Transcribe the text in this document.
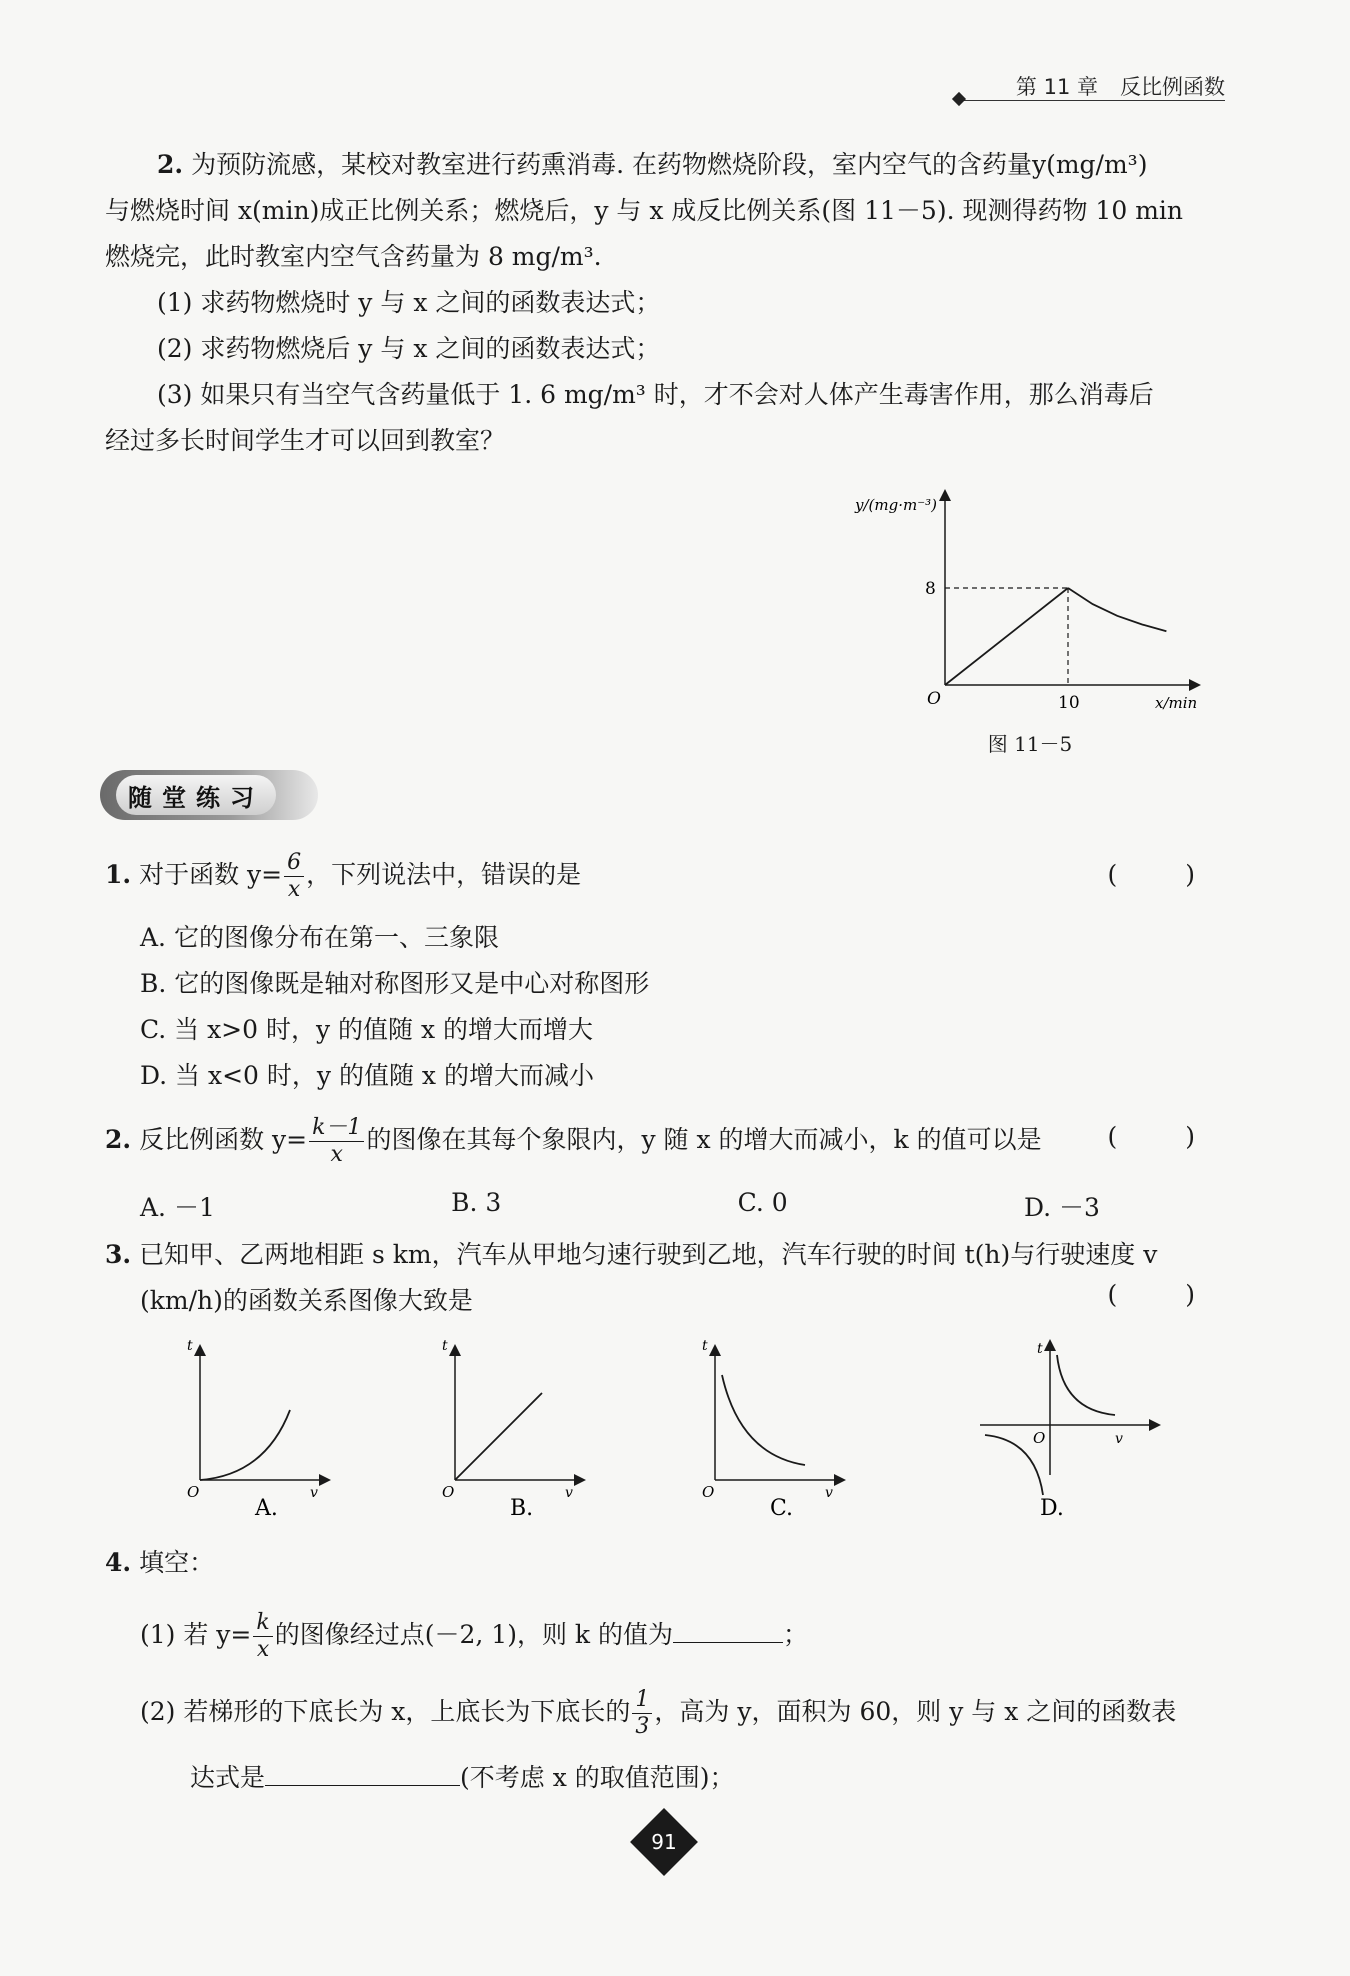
第 11 章 反比例函数
2. 为预防流感，某校对教室进行药熏消毒. 在药物燃烧阶段，室内空气的含药量y(mg/m³)
与燃烧时间 x(min)成正比例关系；燃烧后，y 与 x 成反比例关系(图 11－5). 现测得药物 10 min
燃烧完，此时教室内空气含药量为 8 mg/m³.
(1) 求药物燃烧时 y 与 x 之间的函数表达式；
(2) 求药物燃烧后 y 与 x 之间的函数表达式；
(3) 如果只有当空气含药量低于 1. 6 mg/m³ 时，才不会对人体产生毒害作用，那么消毒后
经过多长时间学生才可以回到教室？
y/(mg·m⁻³)
8
10
O	x/min
图 11－5
随堂练习
1. 对于函数 $y= \frac{6}{x}$ ，下列说法中，错误的是	( )
A. 它的图像分布在第一、三象限
B. 它的图像既是轴对称图形又是中心对称图形
C. 当 x>0 时，y 的值随 x 的增大而增大
D. 当 x<0 时，y 的值随 x 的增大而减小
2. 反比例函数 $y= \frac{k-1}{x}$ 的图像在其每个象限内，y 随 x 的增大而减小，k 的值可以是	( )
A. －1	B. 3	C. 0	D. －3
3. 已知甲、乙两地相距 s km，汽车从甲地匀速行驶到乙地，汽车行驶的时间 t(h)与行驶速度 v
(km/h)的函数关系图像大致是	( )
t
O	v
A.
t
O	v
B.
t
O	v
C.
t
O	v
D.
4. 填空：
(1) 若 $y= \frac{k}{x}$ 的图像经过点(－2, 1)，则 k 的值为	；
(2) 若梯形的下底长为 x，上底长为下底长的 $\frac{1}{3}$ ，高为 y，面积为 60，则 y 与 x 之间的函数表
达式是	(不考虑 x 的取值范围)；
91
